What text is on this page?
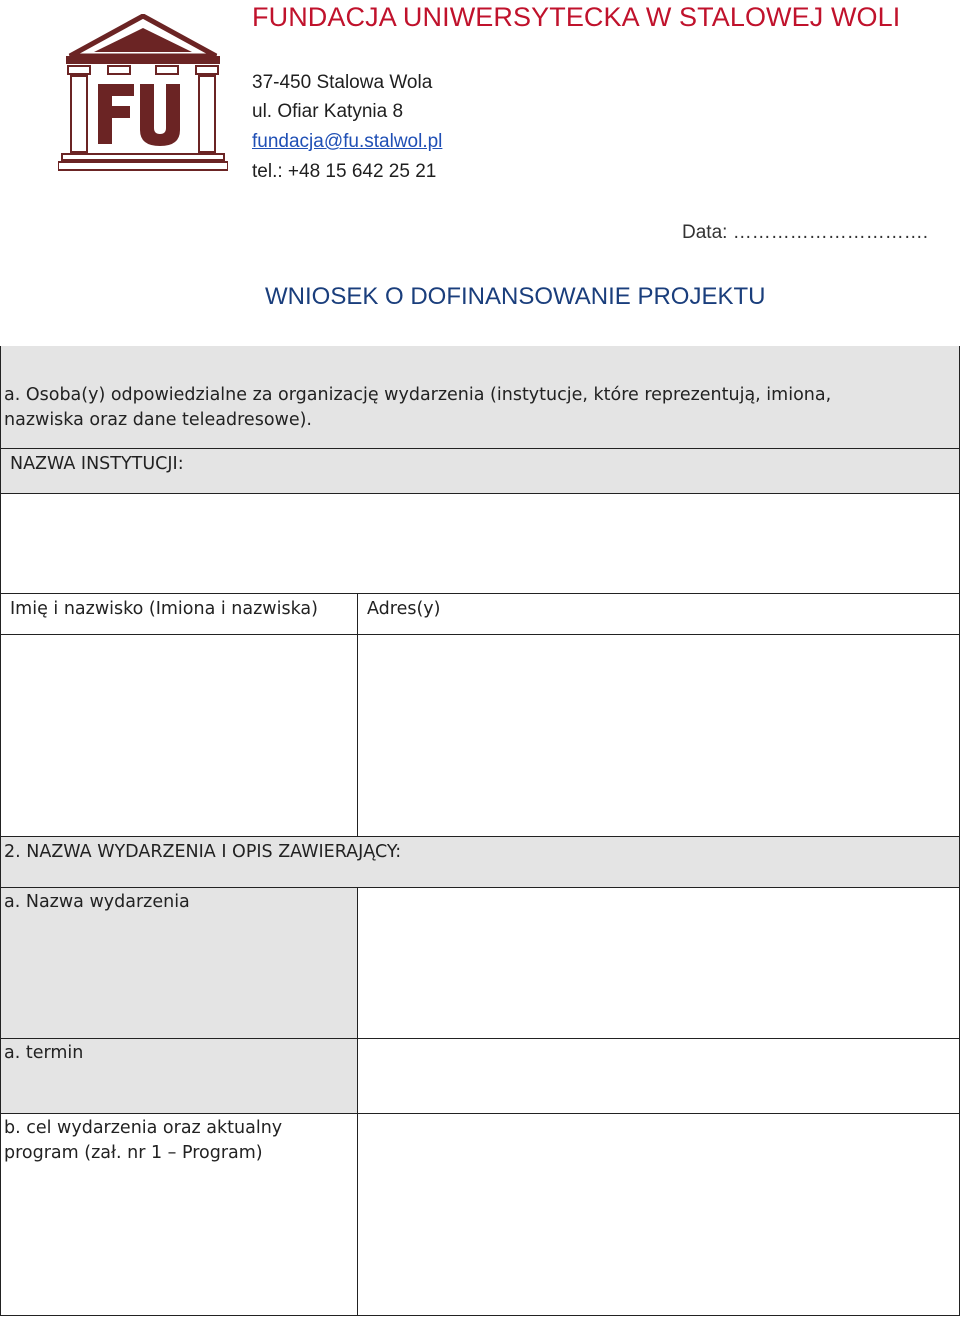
FU
FUNDACJA UNIWERSYTECKA W STALOWEJ WOLI
37-450 Stalowa Wola
ul. Ofiar Katynia 8
fundacja@fu.stalwol.pl
tel.: +48 15 642 25 21
Data: ………………………….
WNIOSEK O DOFINANSOWANIE PROJEKTU
a. Osoba(y) odpowiedzialne za organizację wydarzenia (instytucje, które reprezentują, imiona, nazwiska oraz dane teleadresowe).
NAZWA INSTYTUCJI:
Imię i nazwisko (Imiona i nazwiska)	Adres(y)
2. NAZWA WYDARZENIA I OPIS ZAWIERAJĄCY:
a. Nazwa wydarzenia
a. termin
b. cel wydarzenia oraz aktualny program (zał. nr 1 – Program)
